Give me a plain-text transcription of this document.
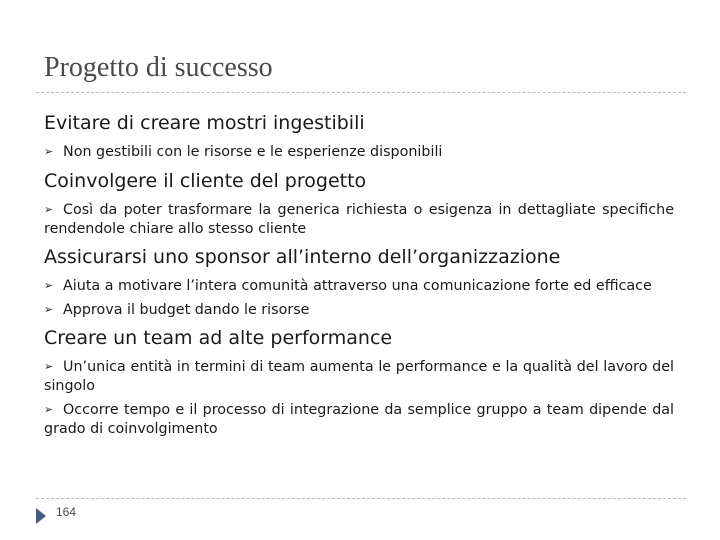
Progetto di successo
Evitare di creare mostri ingestibili
➢ Non gestibili con le risorse e le esperienze disponibili
Coinvolgere il cliente del progetto
➢ Così da poter trasformare la generica richiesta o esigenza in dettagliate specifiche rendendole chiare allo stesso cliente
Assicurarsi uno sponsor all’interno dell’organizzazione
➢ Aiuta a motivare l’intera comunità attraverso una comunicazione forte ed efficace
➢ Approva il budget dando le risorse
Creare un team ad alte performance
➢ Un’unica entità in termini di team aumenta le performance e la qualità del lavoro del singolo
➢ Occorre tempo e il processo di integrazione da semplice gruppo a team dipende dal grado di coinvolgimento
164
